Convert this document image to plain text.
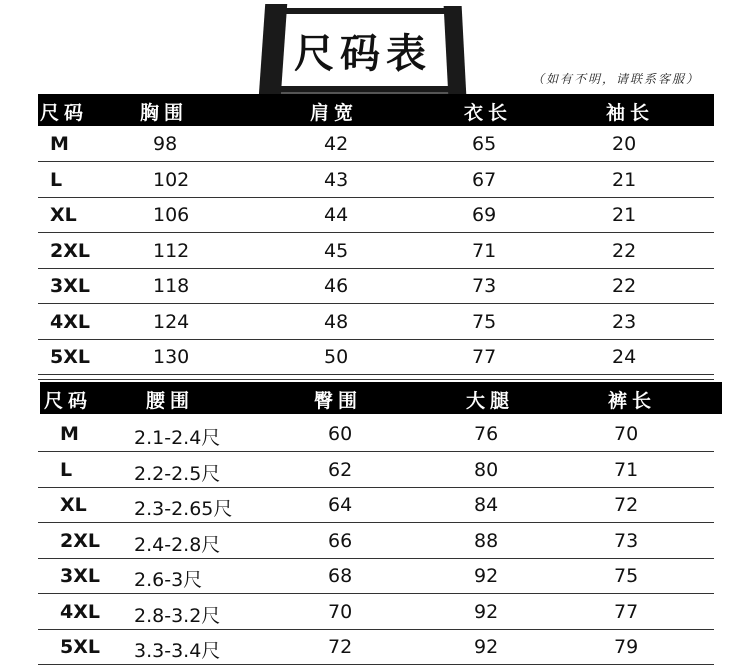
尺码表
（如有不明，请联系客服）
尺码	胸围	肩宽	衣长	袖长
M	98	42	65	20
L	102	43	67	21
XL	106	44	69	21
2XL	112	45	71	22
3XL	118	46	73	22
4XL	124	48	75	23
5XL	130	50	77	24
尺码	腰围	臀围	大腿	裤长
M	2.1-2.4尺	60	76	70
L	2.2-2.5尺	62	80	71
XL 2.3-2.65尺	64	84	72
2XL 2.4-2.8尺	66	88	73
3XL 2.6-3尺	68	92	75
4XL 2.8-3.2尺	70	92	77
5XL 3.3-3.4尺	72	92	79
